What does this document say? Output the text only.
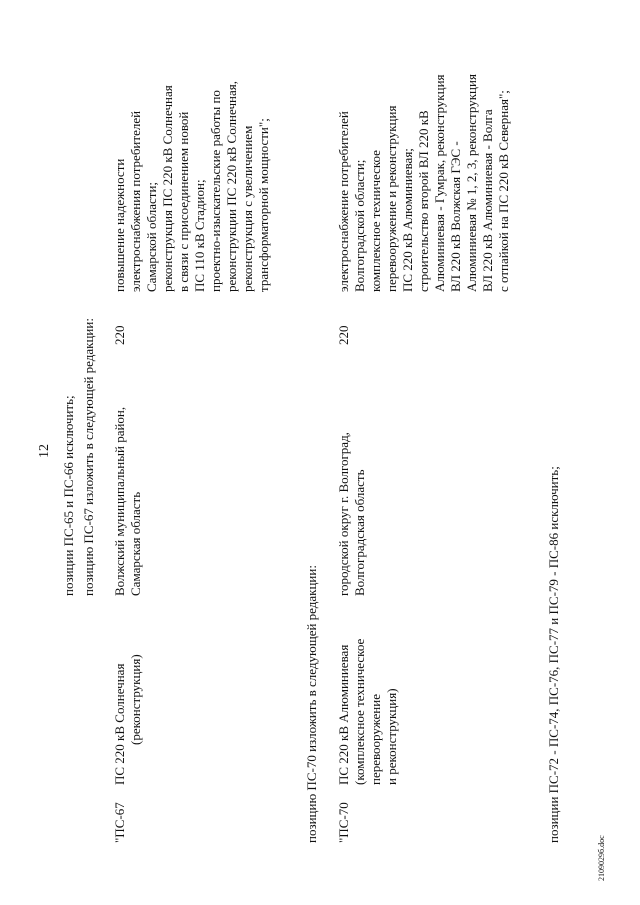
12 позиции ПС-65 и ПС-66 исключить; позицию ПС-67 изложить в следующей редакции:
"ПС-67
ПС 220 кВ Солнечная (реконструкция)
Волжский муниципальный район, Самарская область
220
повышение надежности электроснабжения потребителей Самарской области; реконструкция ПС 220 кВ Солнечная в связи с присоединением новой ПС 110 кВ Стадион; проектно-изыскательские работы по реконструкции ПС 220 кВ Солнечная, реконструкция с увеличением трансформаторной мощности";
позицию ПС-70 изложить в следующей редакции: "ПС-70
ПС 220 кВ Алюминиевая (комплексное техническое перевооружение и реконструкция)
городской округ г. Волгоград, Волгоградская область
220
электроснабжение потребителей Волгоградской области; комплексное техническое перевооружение и реконструкция ПС 220 кВ Алюминиевая; строительство второй ВЛ 220 кВ Алюминиевая - Гумрак, реконструкция ВЛ 220 кВ Волжская ГЭС - Алюминиевая № 1, 2, 3, реконструкция ВЛ 220 кВ Алюминиевая - Волга с отпайкой на ПС 220 кВ Северная";
позиции ПС-72 - ПС-74, ПС-76, ПС-77 и ПС-79 - ПС-86 исключить;
2109029б.doc
